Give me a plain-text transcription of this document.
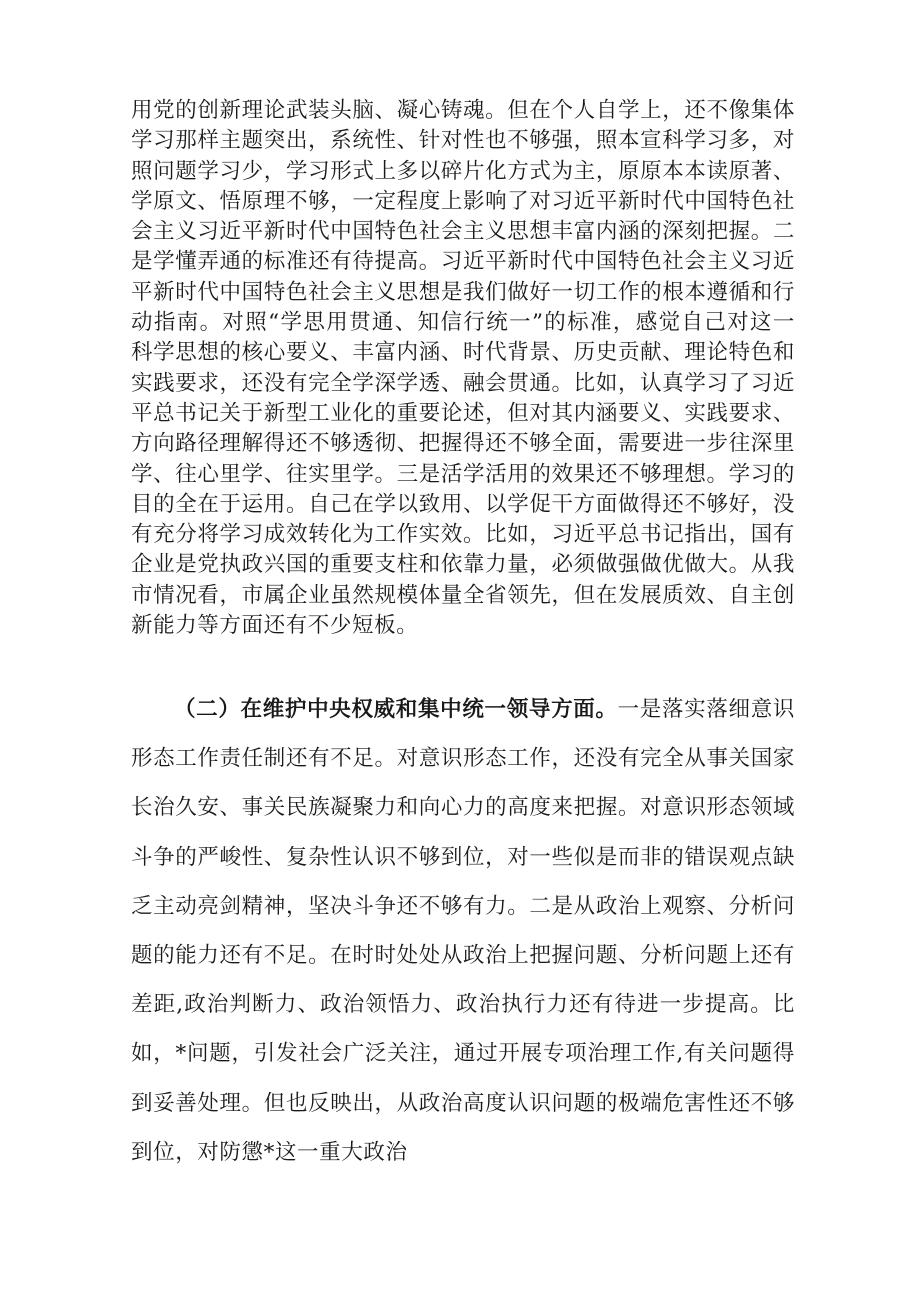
用党的创新理论武装头脑、凝心铸魂。但在个人自学上，还不像集体学习那样主题突出，系统性、针对性也不够强，照本宣科学习多，对照问题学习少，学习形式上多以碎片化方式为主，原原本本读原著、学原文、悟原理不够，一定程度上影响了对习近平新时代中国特色社会主义习近平新时代中国特色社会主义思想丰富内涵的深刻把握。二是学懂弄通的标准还有待提高。习近平新时代中国特色社会主义习近平新时代中国特色社会主义思想是我们做好一切工作的根本遵循和行动指南。对照“学思用贯通、知信行统一”的标准，感觉自己对这一科学思想的核心要义、丰富内涵、时代背景、历史贡献、理论特色和实践要求，还没有完全学深学透、融会贯通。比如，认真学习了习近平总书记关于新型工业化的重要论述，但对其内涵要义、实践要求、方向路径理解得还不够透彻、把握得还不够全面，需要进一步往深里学、往心里学、往实里学。三是活学活用的效果还不够理想。学习的目的全在于运用。自己在学以致用、以学促干方面做得还不够好，没有充分将学习成效转化为工作实效。比如，习近平总书记指出，国有企业是党执政兴国的重要支柱和依靠力量，必须做强做优做大。从我市情况看，市属企业虽然规模体量全省领先，但在发展质效、自主创新能力等方面还有不少短板。

（二）在维护中央权威和集中统一领导方面。一是落实落细意识形态工作责任制还有不足。对意识形态工作，还没有完全从事关国家长治久安、事关民族凝聚力和向心力的高度来把握。对意识形态领域斗争的严峻性、复杂性认识不够到位，对一些似是而非的错误观点缺乏主动亮剑精神，坚决斗争还不够有力。二是从政治上观察、分析问题的能力还有不足。在时时处处从政治上把握问题、分析问题上还有差距,政治判断力、政治领悟力、政治执行力还有待进一步提高。比如，*问题，引发社会广泛关注，通过开展专项治理工作,有关问题得到妥善处理。但也反映出，从政治高度认识问题的极端危害性还不够到位，对防懲*这一重大政治
